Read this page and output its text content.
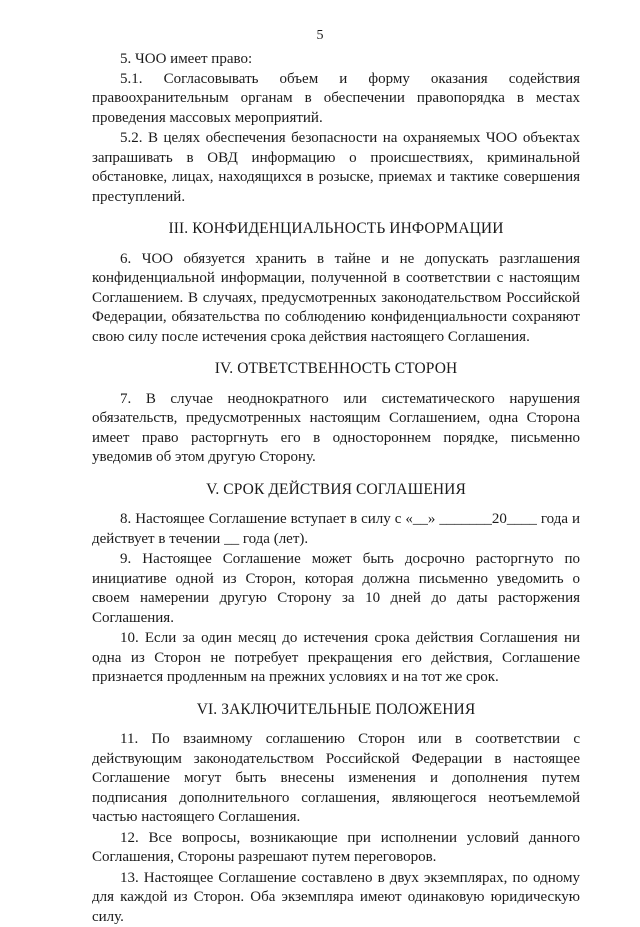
5

5. ЧОО имеет право:

5.1. Согласовывать объем и форму оказания содействия правоохранительным органам в обеспечении правопорядка в местах проведения массовых мероприятий.

5.2. В целях обеспечения безопасности на охраняемых ЧОО объектах запрашивать в ОВД информацию о происшествиях, криминальной обстановке, лицах, находящихся в розыске, приемах и тактике совершения преступлений.

III. КОНФИДЕНЦИАЛЬНОСТЬ ИНФОРМАЦИИ

6. ЧОО обязуется хранить в тайне и не допускать разглашения конфиденциальной информации, полученной в соответствии с настоящим Соглашением. В случаях, предусмотренных законодательством Российской Федерации, обязательства по соблюдению конфиденциальности сохраняют свою силу после истечения срока действия настоящего Соглашения.

IV. ОТВЕТСТВЕННОСТЬ СТОРОН

7. В случае неоднократного или систематического нарушения обязательств, предусмотренных настоящим Соглашением, одна Сторона имеет право расторгнуть его в одностороннем порядке, письменно уведомив об этом другую Сторону.

V. СРОК ДЕЙСТВИЯ СОГЛАШЕНИЯ

8. Настоящее Соглашение вступает в силу с «__» _______20____ года и действует в течении __ года (лет).

9. Настоящее Соглашение может быть досрочно расторгнуто по инициативе одной из Сторон, которая должна письменно уведомить о своем намерении другую Сторону за 10 дней до даты расторжения Соглашения.

10. Если за один месяц до истечения срока действия Соглашения ни одна из Сторон не потребует прекращения его действия, Соглашение признается продленным на прежних условиях и на тот же срок.

VI. ЗАКЛЮЧИТЕЛЬНЫЕ ПОЛОЖЕНИЯ

11. По взаимному соглашению Сторон или в соответствии с действующим законодательством Российской Федерации в настоящее Соглашение могут быть внесены изменения и дополнения путем подписания дополнительного соглашения, являющегося неотъемлемой частью настоящего Соглашения.

12. Все вопросы, возникающие при исполнении условий данного Соглашения, Стороны разрешают путем переговоров.

13. Настоящее Соглашение составлено в двух экземплярах, по одному для каждой из Сторон. Оба экземпляра имеют одинаковую юридическую силу.
